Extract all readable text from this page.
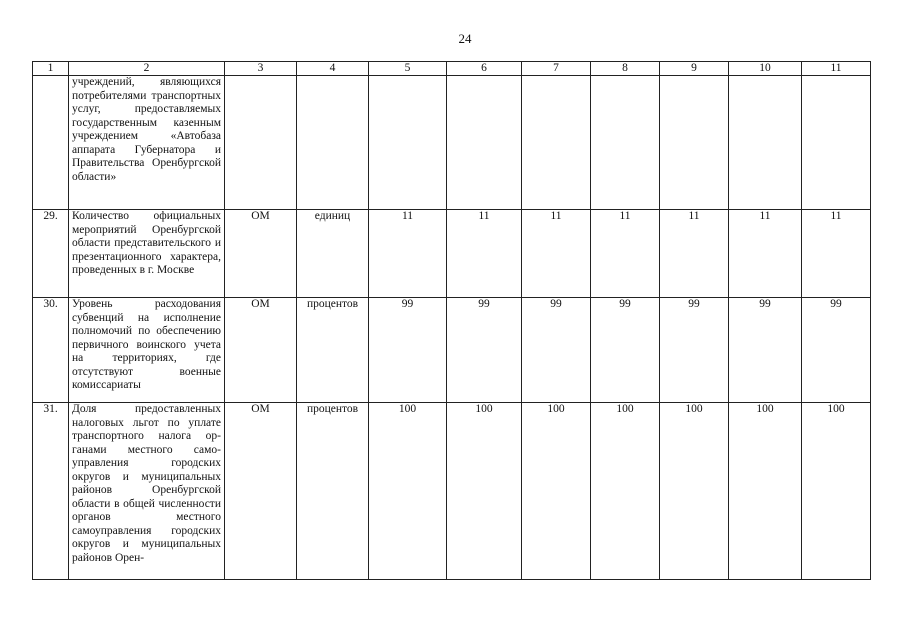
24
1	2	3	4	5	6	7	8	9	10	11
	учреждений, являющихся потребителями транспортных услуг, предоставляемых государственным казенным учреждением «Автобаза аппарата Губернатора и Правительства Оренбургской области»									
29.	Количество официальных мероприятий Оренбургской области представительского и презентационного характера, проведенных в г. Москве	ОМ	единиц	11	11	11	11	11	11	11
30.	Уровень расходования субвенций на исполнение полномочий по обеспечению первичного воинского учета на территориях, где отсутствуют военные комиссариаты	ОМ	процентов	99	99	99	99	99	99	99
31.	Доля предоставленных налоговых льгот по уплате транспортного налога органами местного самоуправления городских округов и муниципальных районов Оренбургской области в общей численности органов местного самоуправления городских округов и муниципальных районов Орен-	ОМ	процентов	100	100	100	100	100	100	100
